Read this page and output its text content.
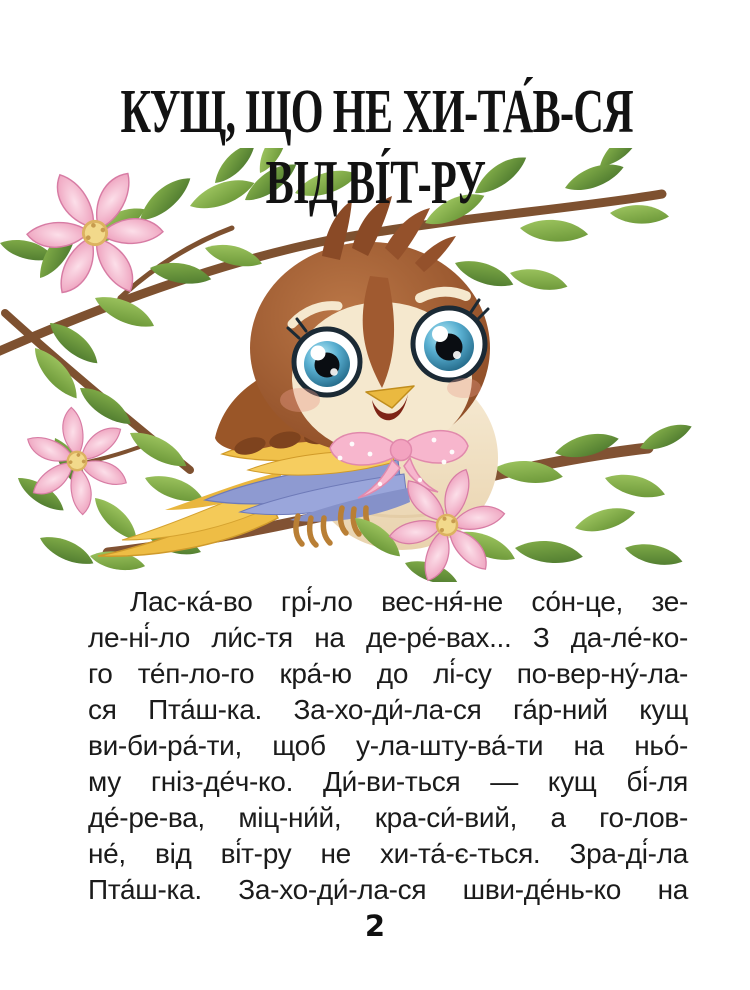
КУЩ, ЩО НЕ ХИ-ТА́В-СЯ
ВІД ВІ́Т-РУ
Лас-ка́-во грі́-ло вес-ня́-не со́н-це, зе-
ле-ні́-ло ли́с-тя на де-ре́-вах... З да-ле́-ко-
го те́п-ло-го кра́-ю до лі́-су по-вер-ну́-ла-
ся Пта́ш-ка. За-хо-ди́-ла-ся га́р-ний кущ
ви-би-ра́-ти, щоб у-ла-шту-ва́-ти на ньо́-
му гніз-де́ч-ко. Ди́-ви-ться — кущ бі́-ля
де́-ре-ва, міц-ни́й, кра-си́-вий, а го-лов-
не́, від ві́т-ру не хи-та́-є-ться. Зра-ді́-ла
Пта́ш-ка. За-хо-ди́-ла-ся шви-де́нь-ко на
2
